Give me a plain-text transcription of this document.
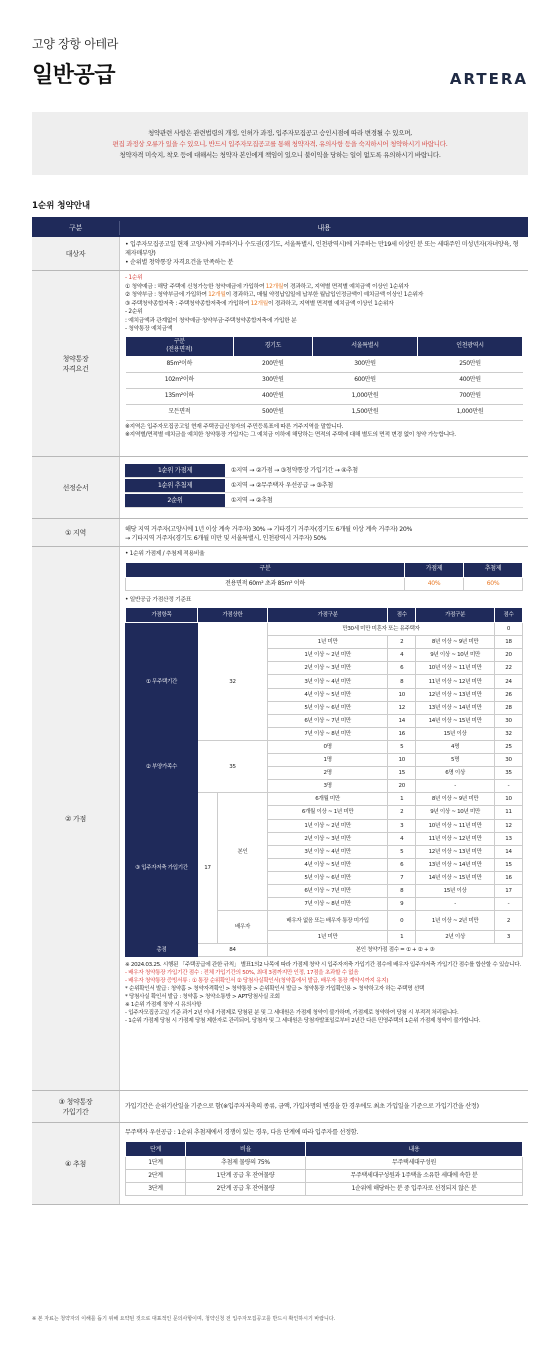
고양 장항 아테라
일반공급	ARTERA
청약관련 사항은 관련법령의 개정, 인허가 과정, 입주자모집공고 승인시점에 따라 변경될 수 있으며,
편집 과정상 오류가 있을 수 있으니, 반드시 입주자모집공고를 통해 청약자격, 유의사항 등을 숙지하시어 청약하시기 바랍니다.
청약자격 미숙지, 착오 등에 대해서는 청약자 본인에게 책임이 있으니 불이익을 당하는 일이 없도록 유의하시기 바랍니다.
1순위 청약안내
구분	내용
대상자
• 입주자모집공고일 현재 고양시에 거주하거나 수도권(경기도, 서울특별시, 인천광역시)에 거주하는 만19세 이상인 분 또는 세대주인 미성년자(자녀양육, 형제자매부양)
• 순위별 청약통장 자격요건을 만족하는 분
청약통장
자격요건
- 1순위
① 청약예금 : 해당 주택에 신청가능한 청약예금에 가입하여 12개월이 경과하고, 지역별 면적별 예치금액 이상인 1순위자
② 청약부금 : 청약부금에 가입하여 12개월이 경과하고, 매월 약정납입일에 납부한 월납입인정금액이 예치금액 이상인 1순위자
③ 주택청약종합저축 : 주택청약종합저축에 가입하여 12개월이 경과하고, 지역별 면적별 예치금액 이상인 1순위자
- 2순위
: 예치금액과 관계없이 청약예금·청약부금·주택청약종합저축에 가입한 분
- 청약통장 예치금액
구분
(전용면적)	경기도	서울특별시	인천광역시
85m²이하	200만원	300만원	250만원
102m²이하	300만원	600만원	400만원
135m²이하	400만원	1,000만원	700만원
모든면적	500만원	1,500만원	1,000만원
※지역은 입주자모집공고일 현재 주택공급신청자의 주민등록표에 따른 거주지역을 말합니다.
※지역별/면적별 예치금을 예치한 청약통장 가입자는 그 예치금 이하에 해당하는 면적의 주택에 대해 별도의 면적 변경 없이 청약 가능합니다.
선정순서
1순위 가점제	①지역 → ②가점 → ③청약통장 가입기간 → ④추첨
1순위 추첨제	①지역 → ②무주택자 우선공급 → ③추첨
2순위	①지역 → ②추첨
① 지역	해당 지역 거주자(고양시에 1년 이상 계속 거주자) 30% → 기타경기 거주자(경기도 6개월 이상 계속 거주자) 20%
→ 기타지역 거주자(경기도 6개월 미만 및 서울특별시, 인천광역시 거주자) 50%
② 가점
• 1순위 가점제 / 추첨제 적용비율
구분	가점제	추첨제
전용면적 60m² 초과 85m² 이하	40%	60%
• 일반공급 가점산정 기준표
가점항목	가점상한		가점구분	점수	가점구분	점수
① 무주택기간	32		만30세 미만 미혼자 또는 유주택자			0
			1년 미만	2	8년 이상 ~ 9년 미만	18
			1년 이상 ~ 2년 미만	4	9년 이상 ~ 10년 미만	20
			2년 이상 ~ 3년 미만	6	10년 이상 ~ 11년 미만	22
			3년 이상 ~ 4년 미만	8	11년 이상 ~ 12년 미만	24
			4년 이상 ~ 5년 미만	10	12년 이상 ~ 13년 미만	26
			5년 이상 ~ 6년 미만	12	13년 이상 ~ 14년 미만	28
			6년 이상 ~ 7년 미만	14	14년 이상 ~ 15년 미만	30
			7년 이상 ~ 8년 미만	16	15년 이상	32
② 부양가족수	35		0명	5	4명	25
			1명	10	5명	30
			2명	15	6명 이상	35
			3명	20	-	-
③ 입주자저축 가입기간	17	본인	6개월 미만	1	8년 이상 ~ 9년 미만	10
			6개월 이상 ~ 1년 미만	2	9년 이상 ~ 10년 미만	11
			1년 이상 ~ 2년 미만	3	10년 이상 ~ 11년 미만	12
			2년 이상 ~ 3년 미만	4	11년 이상 ~ 12년 미만	13
			3년 이상 ~ 4년 미만	5	12년 이상 ~ 13년 미만	14
			4년 이상 ~ 5년 미만	6	13년 이상 ~ 14년 미만	15
			5년 이상 ~ 6년 미만	7	14년 이상 ~ 15년 미만	16
			6년 이상 ~ 7년 미만	8	15년 이상	17
			7년 이상 ~ 8년 미만	9	-	-
		배우자	배우자 없음 또는 배우자 통장 미가입	0	1년 이상 ~ 2년 미만	2
			1년 미만	1	2년 이상	3
총점	84		본인 청약가점 점수 = ① + ② + ③			
※ 2024.03.25. 시행된 「주택공급에 관한 규칙」 별표1의2 나목에 따라 가점제 청약 시 입주자저축 가입기간 점수에 배우자 입주자저축 가입기간 점수를 합산할 수 있습니다.
- 배우자 청약통장 가입기간 점수 : 전체 가입기간의 50%, 최대 3점까지만 인정, 17점을 초과할 수 없음
- 배우자 청약통장 증빙서류 : ① 통장 순위확인서 ② 당첨사실확인서(청약홈에서 발급, 배우자 통장 계약시까지 유지)
* 순위확인서 발급 : 청약홈 > 청약자격확인 > 청약통장 > 순위확인서 발급 > 청약통장 가입확인용 > 청약하고자 하는 주택명 선택
* 당첨사실 확인서 발급 : 청약홈 > 청약소통방 > APT당첨사실 조회
※ 1순위 가점제 청약 시 유의사항
- 입주자모집공고일 기준 과거 2년 이내 가점제로 당첨된 분 및 그 세대원은 가점제 청약이 불가하며, 가점제로 청약하여 당첨 시 부적격 처리됩니다.
- 1순위 가점제 당첨 시 가점제 당첨 제한자로 관리되어, 당첨자 및 그 세대원은 당첨자발표일로부터 2년간 다른 민영주택의 1순위 가점제 청약이 불가합니다.
③ 청약통장
가입기간
가입기간은 순위기산일을 기준으로 함(※입주자저축의 종류, 금액, 가입자명의 변경을 한 경우에도 최초 가입일을 기준으로 가입기간을 산정)
④ 추첨
무주택자 우선공급 : 1순위 추첨제에서 경쟁이 있는 경우, 다음 단계에 따라 입주자를 선정함.
단계	비율	내용
1단계	추첨제 물량의 75%	무주택세대구성원
2단계	1단계 공급 후 잔여물량	무주택세대구성원과 1주택을 소유한 세대에 속한 분
3단계	2단계 공급 후 잔여물량	1순위에 해당하는 분 중 입주자로 선정되지 않은 분
※ 본 자료는 청약자의 이해를 돕기 위해 요약된 것으로 대표적인 문의사항이며, 청약신청 전 입주자모집공고를 반드시 확인하시기 바랍니다.
